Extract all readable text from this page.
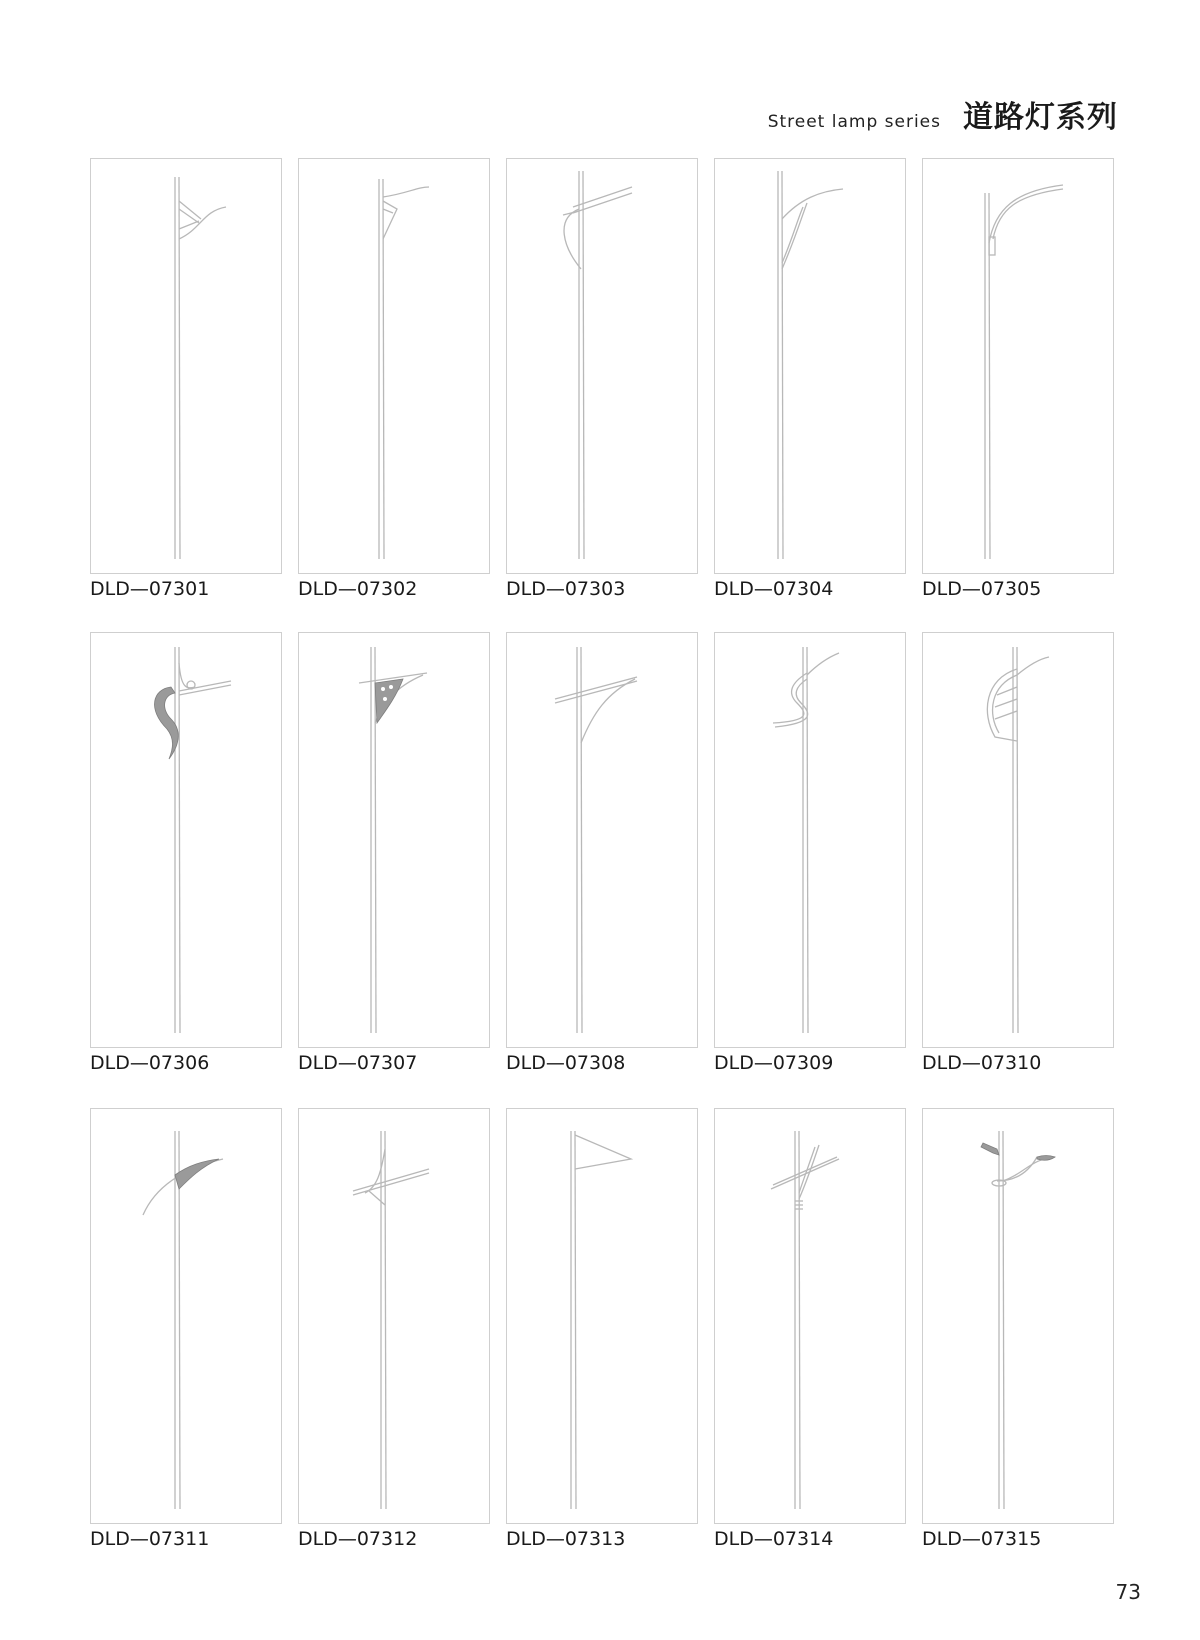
Street lamp series 道路灯系列
DLD—07301	DLD—07302	DLD—07303	DLD—07304	DLD—07305
DLD—07306	DLD—07307	DLD—07308	DLD—07309	DLD—07310
DLD—07311	DLD—07312	DLD—07313	DLD—07314	DLD—07315
73
